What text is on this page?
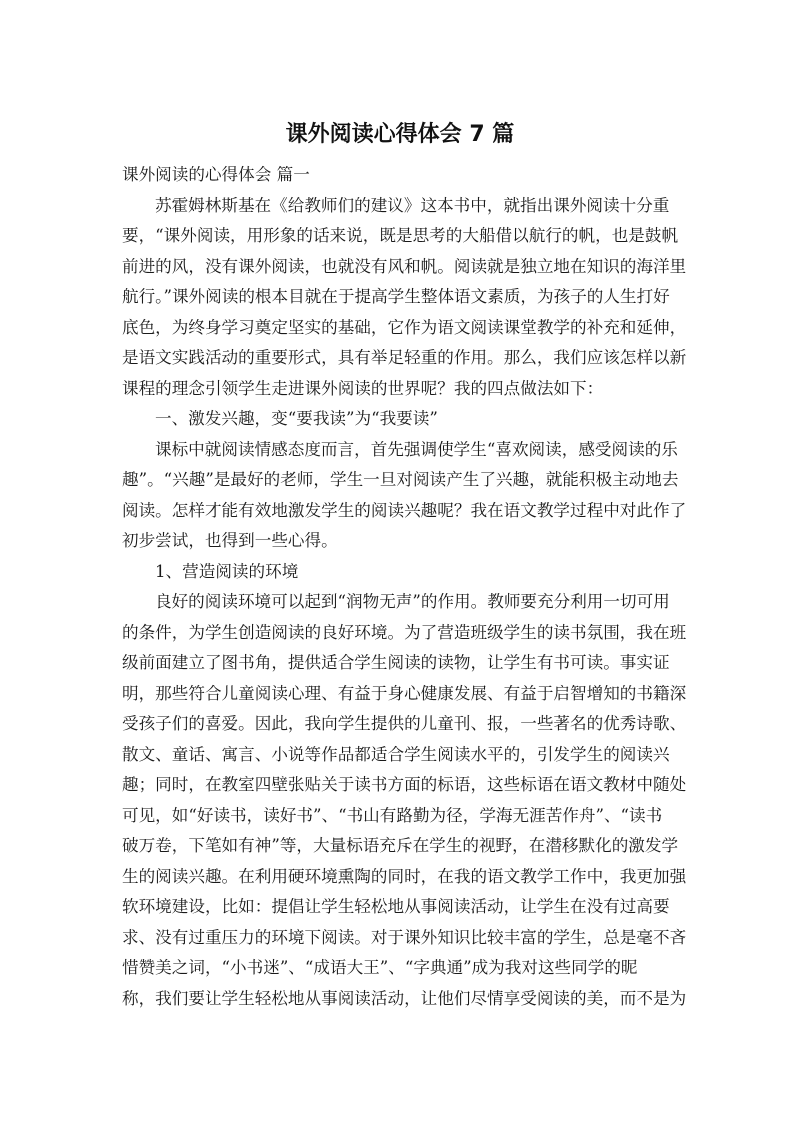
课外阅读心得体会 7 篇
课外阅读的心得体会 篇一
苏霍姆林斯基在《给教师们的建议》这本书中，就指出课外阅读十分重
要，“课外阅读，用形象的话来说，既是思考的大船借以航行的帆，也是鼓帆
前进的风，没有课外阅读，也就没有风和帆。阅读就是独立地在知识的海洋里
航行。”课外阅读的根本目就在于提高学生整体语文素质，为孩子的人生打好
底色，为终身学习奠定坚实的基础，它作为语文阅读课堂教学的补充和延伸，
是语文实践活动的重要形式，具有举足轻重的作用。那么，我们应该怎样以新
课程的理念引领学生走进课外阅读的世界呢？我的四点做法如下：
一、激发兴趣，变“要我读”为“我要读”
课标中就阅读情感态度而言，首先强调使学生“喜欢阅读，感受阅读的乐
趣”。“兴趣”是最好的老师，学生一旦对阅读产生了兴趣，就能积极主动地去
阅读。怎样才能有效地激发学生的阅读兴趣呢？我在语文教学过程中对此作了
初步尝试，也得到一些心得。
1、营造阅读的环境
良好的阅读环境可以起到“润物无声”的作用。教师要充分利用一切可用
的条件，为学生创造阅读的良好环境。为了营造班级学生的读书氛围，我在班
级前面建立了图书角，提供适合学生阅读的读物，让学生有书可读。事实证
明，那些符合儿童阅读心理、有益于身心健康发展、有益于启智增知的书籍深
受孩子们的喜爱。因此，我向学生提供的儿童刊、报，一些著名的优秀诗歌、
散文、童话、寓言、小说等作品都适合学生阅读水平的，引发学生的阅读兴
趣；同时，在教室四壁张贴关于读书方面的标语，这些标语在语文教材中随处
可见，如“好读书，读好书”、“书山有路勤为径，学海无涯苦作舟”、“读书
破万卷，下笔如有神”等，大量标语充斥在学生的视野，在潜移默化的激发学
生的阅读兴趣。在利用硬环境熏陶的同时，在我的语文教学工作中，我更加强
软环境建设，比如：提倡让学生轻松地从事阅读活动，让学生在没有过高要
求、没有过重压力的环境下阅读。对于课外知识比较丰富的学生，总是毫不吝
惜赞美之词，“小书迷”、“成语大王”、“字典通”成为我对这些同学的昵
称，我们要让学生轻松地从事阅读活动，让他们尽情享受阅读的美，而不是为
